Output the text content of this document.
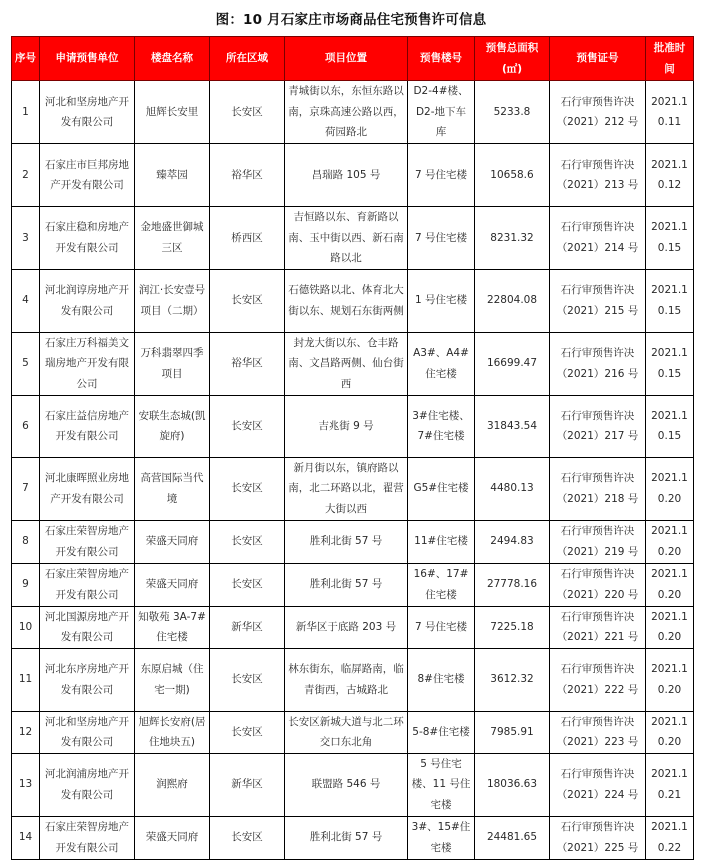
图：10 月石家庄市场商品住宅预售许可信息
序号	申请预售单位	楼盘名称	所在区域	项目位置	预售楼号	预售总面积(㎡)	预售证号	批准时间
1	河北和坚房地产开发有限公司	旭辉长安里	长安区	青城街以东，东恒东路以南，京珠高速公路以西，荷园路北	D2-4#楼、D2-地下车库	5233.8	石行审预售许决（2021）212 号	2021.10.11
2	石家庄市巨邦房地产开发有限公司	臻萃园	裕华区	昌瑞路 105 号	7 号住宅楼	10658.6	石行审预售许决（2021）213 号	2021.10.12
3	石家庄稳和房地产开发有限公司	金地盛世御城三区	桥西区	吉恒路以东、育新路以南、玉中街以西、新石南路以北	7 号住宅楼	8231.32	石行审预售许决（2021）214 号	2021.10.15
4	河北润谆房地产开发有限公司	润江·长安壹号项目（二期）	长安区	石德铁路以北、体育北大街以东、规划石东街两侧	1 号住宅楼	22804.08	石行审预售许决（2021）215 号	2021.10.15
5	石家庄万科福美文瑞房地产开发有限公司	万科翡翠四季项目	裕华区	封龙大街以东、仓丰路南、文昌路两侧、仙台街西	A3#、A4#住宅楼	16699.47	石行审预售许决（2021）216 号	2021.10.15
6	石家庄益信房地产开发有限公司	安联生态城(凯旋府)	长安区	吉兆街 9 号	3#住宅楼、7#住宅楼	31843.54	石行审预售许决（2021）217 号	2021.10.15
7	河北康晖照业房地产开发有限公司	高营国际当代境	长安区	新月街以东，镇府路以南，北二环路以北，翟营大街以西	G5#住宅楼	4480.13	石行审预售许决（2021）218 号	2021.10.20
8	石家庄荣智房地产开发有限公司	荣盛天同府	长安区	胜利北街 57 号	11#住宅楼	2494.83	石行审预售许决（2021）219 号	2021.10.20
9	石家庄荣智房地产开发有限公司	荣盛天同府	长安区	胜利北街 57 号	16#、17#住宅楼	27778.16	石行审预售许决（2021）220 号	2021.10.20
10	河北国源房地产开发有限公司	知敬苑 3A-7#住宅楼	新华区	新华区于底路 203 号	7 号住宅楼	7225.18	石行审预售许决（2021）221 号	2021.10.20
11	河北东序房地产开发有限公司	东原启城（住宅一期)	长安区	林东街东，临屏路南，临青街西，古城路北	8#住宅楼	3612.32	石行审预售许决（2021）222 号	2021.10.20
12	河北和坚房地产开发有限公司	旭辉长安府(居住地块五)	长安区	长安区新城大道与北二环交口东北角	5-8#住宅楼	7985.91	石行审预售许决（2021）223 号	2021.10.20
13	河北润浦房地产开发有限公司	润熙府	新华区	联盟路 546 号	5 号住宅楼、11 号住宅楼	18036.63	石行审预售许决（2021）224 号	2021.10.21
14	石家庄荣智房地产开发有限公司	荣盛天同府	长安区	胜利北街 57 号	3#、15#住宅楼	24481.65	石行审预售许决（2021）225 号	2021.10.22
